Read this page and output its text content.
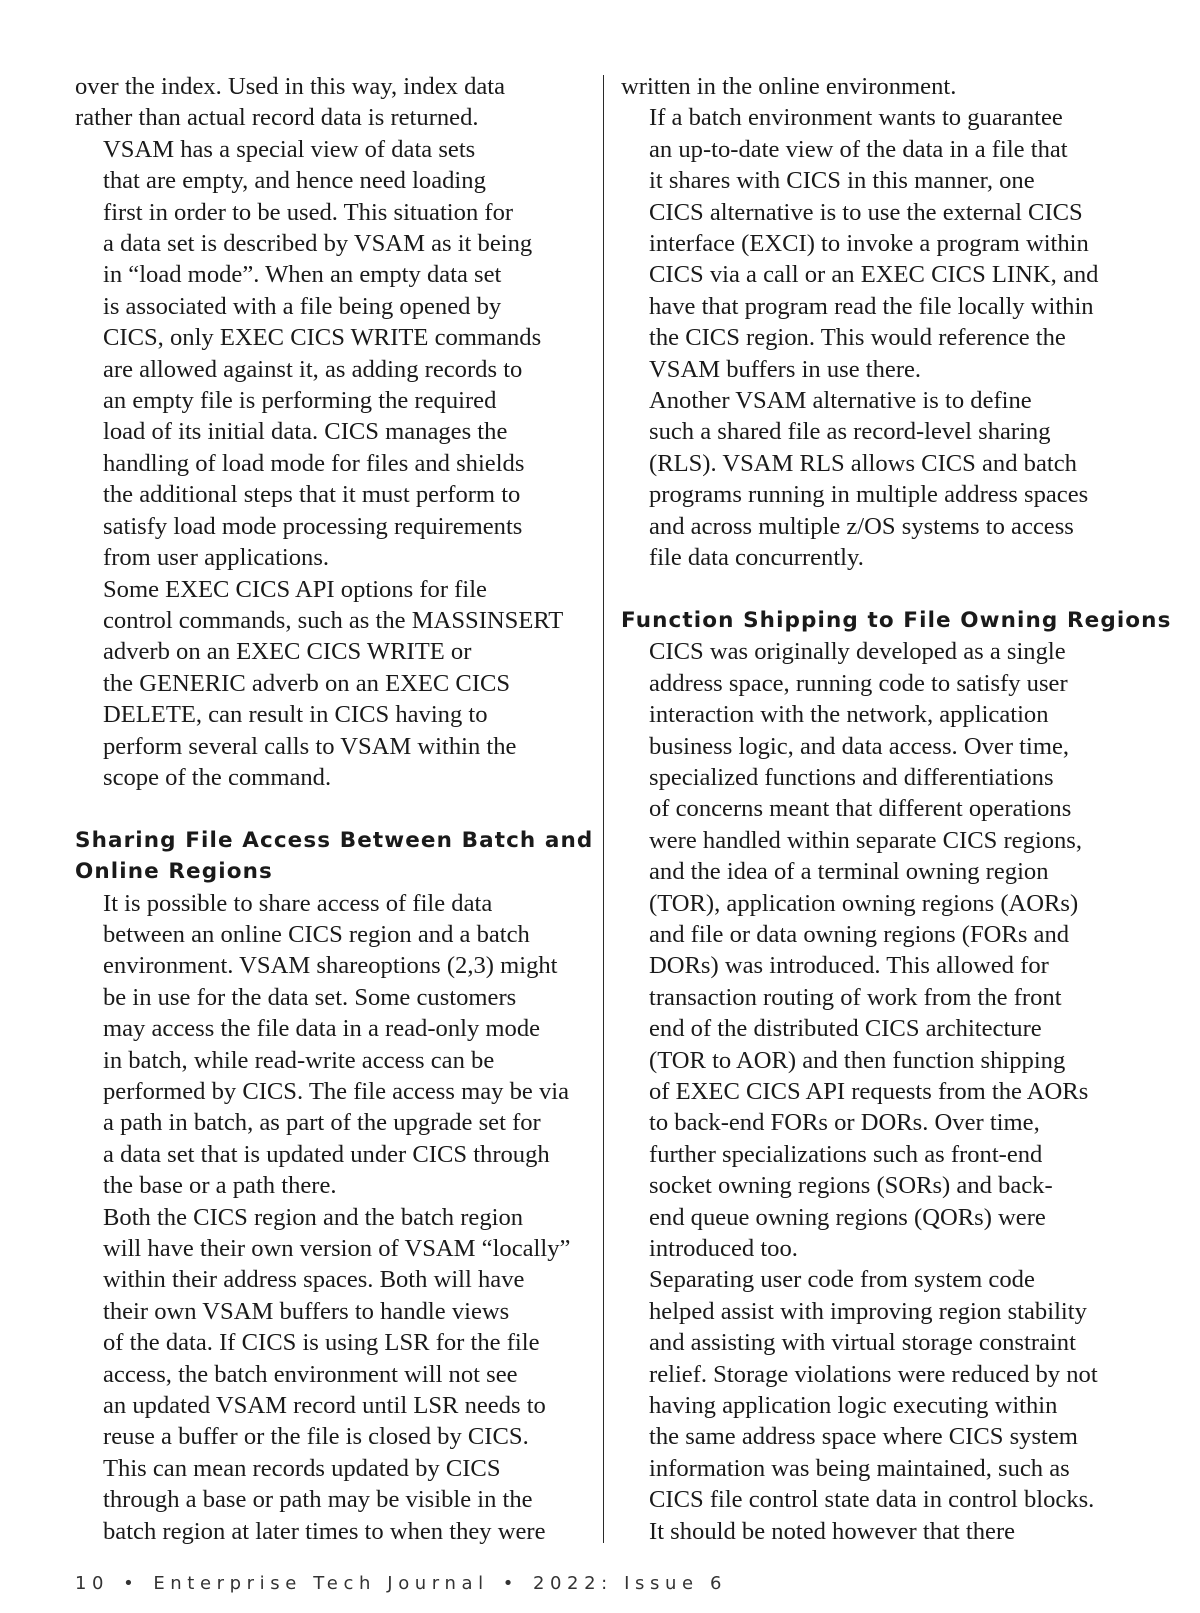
over the index. Used in this way, index data
rather than actual record data is returned.

VSAM has a special view of data sets
that are empty, and hence need loading
first in order to be used. This situation for
a data set is described by VSAM as it being
in “load mode”. When an empty data set
is associated with a file being opened by
CICS, only EXEC CICS WRITE commands
are allowed against it, as adding records to
an empty file is performing the required
load of its initial data. CICS manages the
handling of load mode for files and shields
the additional steps that it must perform to
satisfy load mode processing requirements
from user applications.

Some EXEC CICS API options for file
control commands, such as the MASSINSERT
adverb on an EXEC CICS WRITE or
the GENERIC adverb on an EXEC CICS
DELETE, can result in CICS having to
perform several calls to VSAM within the
scope of the command.

Sharing File Access Between Batch and
Online Regions

It is possible to share access of file data
between an online CICS region and a batch
environment. VSAM shareoptions (2,3) might
be in use for the data set. Some customers
may access the file data in a read-only mode
in batch, while read-write access can be
performed by CICS. The file access may be via
a path in batch, as part of the upgrade set for
a data set that is updated under CICS through
the base or a path there.

Both the CICS region and the batch region
will have their own version of VSAM “locally”
within their address spaces. Both will have
their own VSAM buffers to handle views
of the data. If CICS is using LSR for the file
access, the batch environment will not see
an updated VSAM record until LSR needs to
reuse a buffer or the file is closed by CICS.
This can mean records updated by CICS
through a base or path may be visible in the
batch region at later times to when they were

written in the online environment.

If a batch environment wants to guarantee
an up-to-date view of the data in a file that
it shares with CICS in this manner, one
CICS alternative is to use the external CICS
interface (EXCI) to invoke a program within
CICS via a call or an EXEC CICS LINK, and
have that program read the file locally within
the CICS region. This would reference the
VSAM buffers in use there.

Another VSAM alternative is to define
such a shared file as record-level sharing
(RLS). VSAM RLS allows CICS and batch
programs running in multiple address spaces
and across multiple z/OS systems to access
file data concurrently.

Function Shipping to File Owning Regions

CICS was originally developed as a single
address space, running code to satisfy user
interaction with the network, application
business logic, and data access. Over time,
specialized functions and differentiations
of concerns meant that different operations
were handled within separate CICS regions,
and the idea of a terminal owning region
(TOR), application owning regions (AORs)
and file or data owning regions (FORs and
DORs) was introduced. This allowed for
transaction routing of work from the front
end of the distributed CICS architecture
(TOR to AOR) and then function shipping
of EXEC CICS API requests from the AORs
to back-end FORs or DORs. Over time,
further specializations such as front-end
socket owning regions (SORs) and back-
end queue owning regions (QORs) were
introduced too.

Separating user code from system code
helped assist with improving region stability
and assisting with virtual storage constraint
relief. Storage violations were reduced by not
having application logic executing within
the same address space where CICS system
information was being maintained, such as
CICS file control state data in control blocks.

It should be noted however that there

10 • Enterprise Tech Journal • 2022: Issue 6
